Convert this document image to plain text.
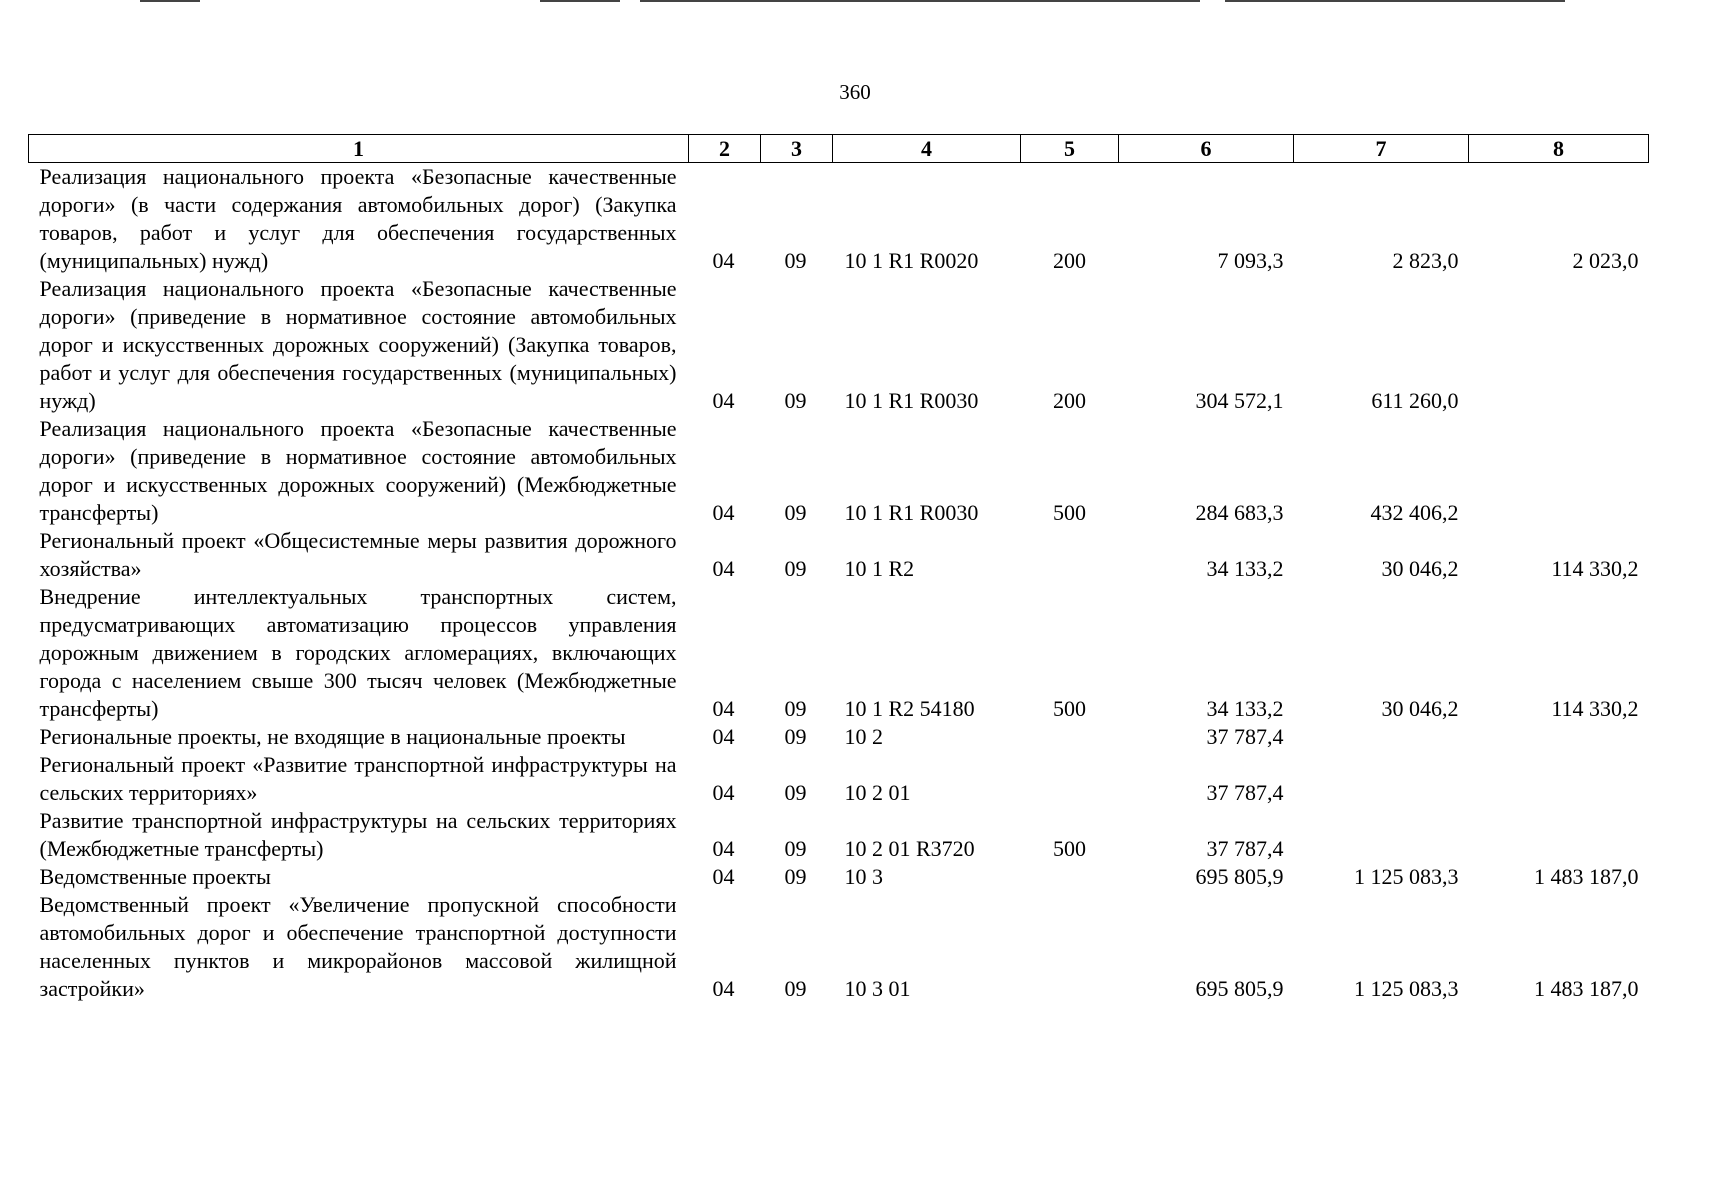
360
1	2	3	4	5	6	7	8
Реализация национального проекта «Безопасные качественные дороги» (в части содержания автомобильных дорог) (Закупка товаров, работ и услуг для обеспечения государственных (муниципальных) нужд)	04	09	10 1 R1 R0020	200	7 093,3	2 823,0	2 023,0
Реализация национального проекта «Безопасные качественные дороги» (приведение в нормативное состояние автомобильных дорог и искусственных дорожных сооружений) (Закупка товаров, работ и услуг для обеспечения государственных (муниципальных) нужд)	04	09	10 1 R1 R0030	200	304 572,1	611 260,0	
Реализация национального проекта «Безопасные качественные дороги» (приведение в нормативное состояние автомобильных дорог и искусственных дорожных сооружений) (Межбюджетные трансферты)	04	09	10 1 R1 R0030	500	284 683,3	432 406,2	
Региональный проект «Общесистемные меры развития дорожного хозяйства»	04	09	10 1 R2		34 133,2	30 046,2	114 330,2
Внедрение интеллектуальных транспортных систем, предусматривающих автоматизацию процессов управления дорожным движением в городских агломерациях, включающих города с населением свыше 300 тысяч человек (Межбюджетные трансферты)	04	09	10 1 R2 54180	500	34 133,2	30 046,2	114 330,2
Региональные проекты, не входящие в национальные проекты	04	09	10 2		37 787,4		
Региональный проект «Развитие транспортной инфраструктуры на сельских территориях»	04	09	10 2 01		37 787,4		
Развитие транспортной инфраструктуры на сельских территориях (Межбюджетные трансферты)	04	09	10 2 01 R3720	500	37 787,4		
Ведомственные проекты	04	09	10 3		695 805,9	1 125 083,3	1 483 187,0
Ведомственный проект «Увеличение пропускной способности автомобильных дорог и обеспечение транспортной доступности населенных пунктов и микрорайонов массовой жилищной застройки»	04	09	10 3 01		695 805,9	1 125 083,3	1 483 187,0
